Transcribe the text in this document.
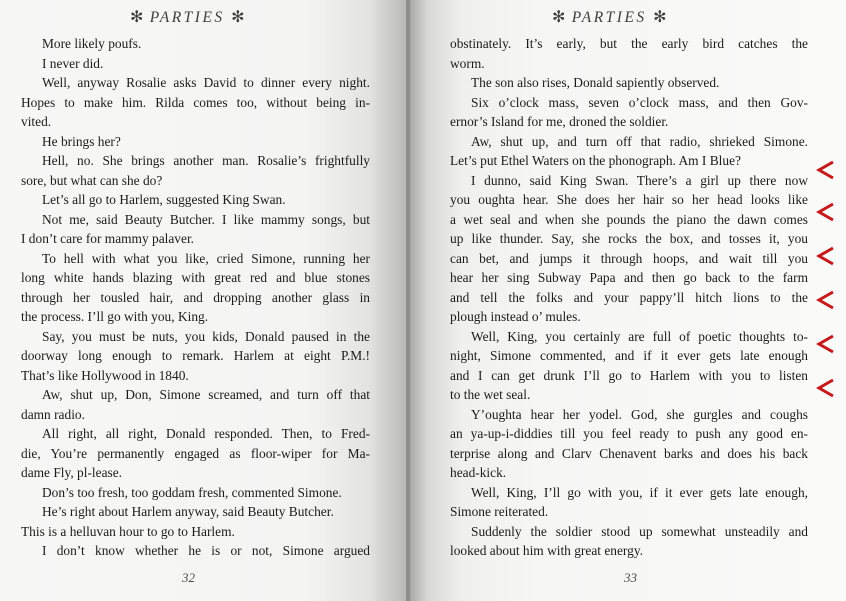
✻ PARTIES ✻
More likely poufs.
I never did.
Well, anyway Rosalie asks David to dinner every night.
Hopes to make him. Rilda comes too, without being in-
vited.
He brings her?
Hell, no. She brings another man. Rosalie’s frightfully
sore, but what can she do?
Let’s all go to Harlem, suggested King Swan.
Not me, said Beauty Butcher. I like mammy songs, but
I don’t care for mammy palaver.
To hell with what you like, cried Simone, running her
long white hands blazing with great red and blue stones
through her tousled hair, and dropping another glass in
the process. I’ll go with you, King.
Say, you must be nuts, you kids, Donald paused in the
doorway long enough to remark. Harlem at eight P.M.!
That’s like Hollywood in 1840.
Aw, shut up, Don, Simone screamed, and turn off that
damn radio.
All right, all right, Donald responded. Then, to Fred-
die, You’re permanently engaged as floor-wiper for Ma-
dame Fly, pl-lease.
Don’s too fresh, too goddam fresh, commented Simone.
He’s right about Harlem anyway, said Beauty Butcher.
This is a helluvan hour to go to Harlem.
I don’t know whether he is or not, Simone argued
32
✻ PARTIES ✻
obstinately. It’s early, but the early bird catches the
worm.
The son also rises, Donald sapiently observed.
Six o’clock mass, seven o’clock mass, and then Gov-
ernor’s Island for me, droned the soldier.
Aw, shut up, and turn off that radio, shrieked Simone.
Let’s put Ethel Waters on the phonograph. Am I Blue?
I dunno, said King Swan. There’s a girl up there now
you oughta hear. She does her hair so her head looks like
a wet seal and when she pounds the piano the dawn comes
up like thunder. Say, she rocks the box, and tosses it, you
can bet, and jumps it through hoops, and wait till you
hear her sing Subway Papa and then go back to the farm
and tell the folks and your pappy’ll hitch lions to the
plough instead o’ mules.
Well, King, you certainly are full of poetic thoughts to-
night, Simone commented, and if it ever gets late enough
and I can get drunk I’ll go to Harlem with you to listen
to the wet seal.
Y’oughta hear her yodel. God, she gurgles and coughs
an ya-up-i-diddies till you feel ready to push any good en-
terprise along and Clarv Chenavent barks and does his back
head-kick.
Well, King, I’ll go with you, if it ever gets late enough,
Simone reiterated.
Suddenly the soldier stood up somewhat unsteadily and
looked about him with great energy.
33
